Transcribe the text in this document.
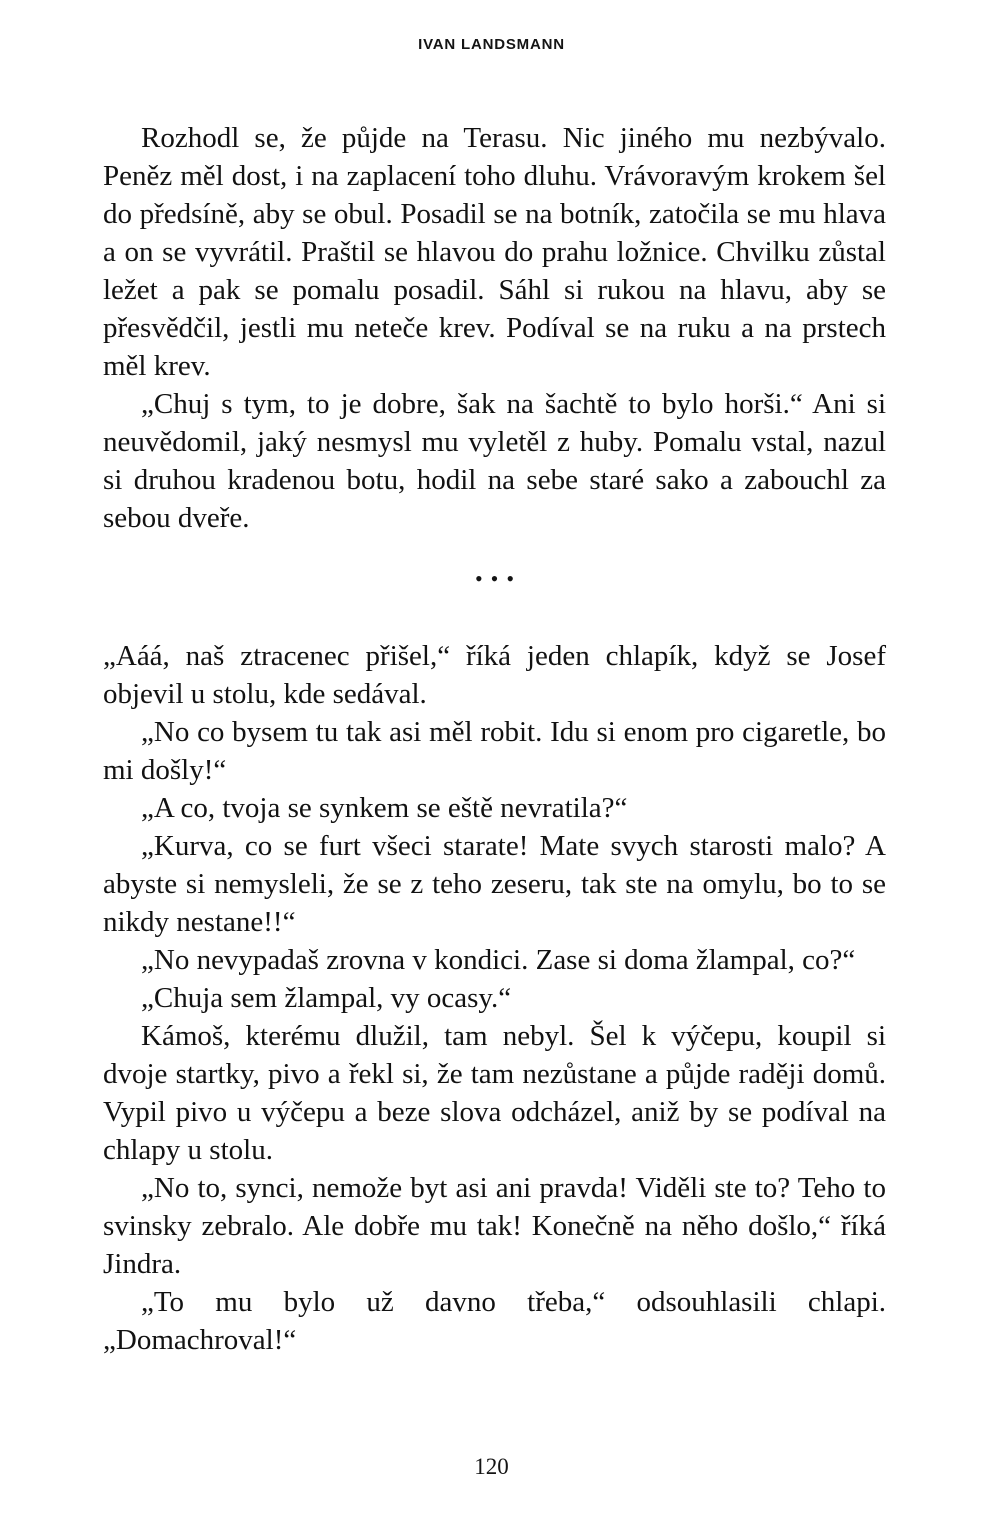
IVAN LANDSMANN

Rozhodl se, že půjde na Terasu. Nic jiného mu nezbývalo. Peněz měl dost, i na zaplacení toho dluhu. Vrávoravým krokem šel do předsíně, aby se obul. Posadil se na botník, zatočila se mu hlava a on se vyvrátil. Praštil se hlavou do prahu ložnice. Chvilku zůstal ležet a pak se pomalu posadil. Sáhl si rukou na hlavu, aby se přesvědčil, jestli mu neteče krev. Podíval se na ruku a na prstech měl krev.

„Chuj s tym, to je dobre, šak na šachtě to bylo horši.“ Ani si neuvědomil, jaký nesmysl mu vyletěl z huby. Pomalu vstal, nazul si druhou kradenou botu, hodil na sebe staré sako a zabouchl za sebou dveře.

•••

„Aáá, naš ztracenec přišel,“ říká jeden chlapík, když se Josef objevil u stolu, kde sedával.

„No co bysem tu tak asi měl robit. Idu si enom pro cigaretle, bo mi došly!“

„A co, tvoja se synkem se eště nevratila?“

„Kurva, co se furt všeci starate! Mate svych starosti malo? A abyste si nemysleli, že se z teho zeseru, tak ste na omylu, bo to se nikdy nestane!!“

„No nevypadaš zrovna v kondici. Zase si doma žlampal, co?“

„Chuja sem žlampal, vy ocasy.“

Kámoš, kterému dlužil, tam nebyl. Šel k výčepu, koupil si dvoje startky, pivo a řekl si, že tam nezůstane a půjde raději domů. Vypil pivo u výčepu a beze slova odcházel, aniž by se podíval na chlapy u stolu.

„No to, synci, nemože byt asi ani pravda! Viděli ste to? Teho to svinsky zebralo. Ale dobře mu tak! Konečně na něho došlo,“ říká Jindra.

„To mu bylo už davno třeba,“ odsouhlasili chlapi. „Domachroval!“

120
